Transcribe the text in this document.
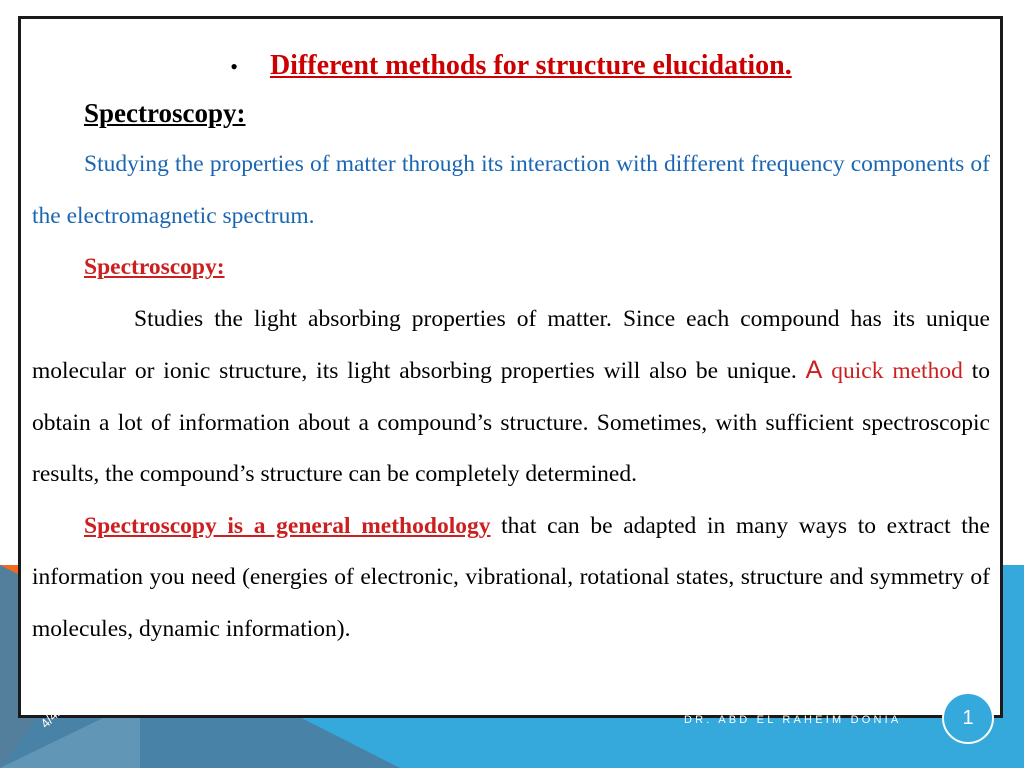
• Different methods for structure elucidation.
Spectroscopy:

Studying the properties of matter through its interaction with different frequency components of the electromagnetic spectrum.

Spectroscopy:

Studies the light absorbing properties of matter. Since each compound has its unique molecular or ionic structure, its light absorbing properties will also be unique. A quick method to obtain a lot of information about a compound’s structure. Sometimes, with sufficient spectroscopic results, the compound’s structure can be completely determined.

Spectroscopy is a general methodology that can be adapted in many ways to extract the information you need (energies of electronic, vibrational, rotational states, structure and symmetry of molecules, dynamic information).

4/4/2011	DR. ABD EL RAHEIM DONIA	1
